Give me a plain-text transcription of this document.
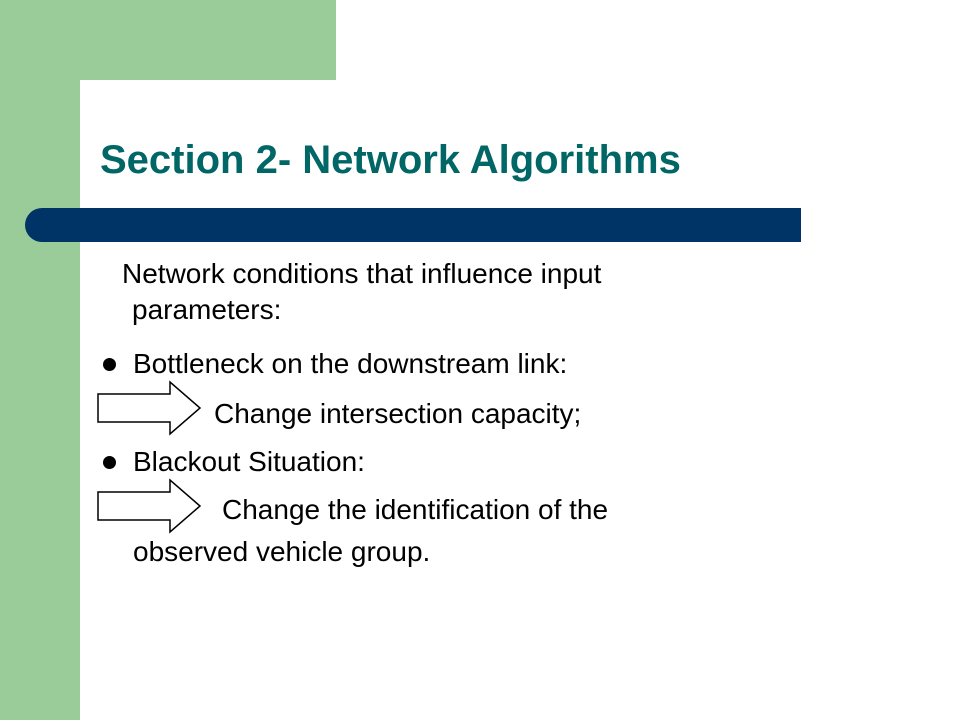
Section 2- Network Algorithms

Network conditions that influence input

parameters:

Bottleneck on the downstream link:

Change intersection capacity;

Blackout Situation:

Change the identification of the

observed vehicle group.
